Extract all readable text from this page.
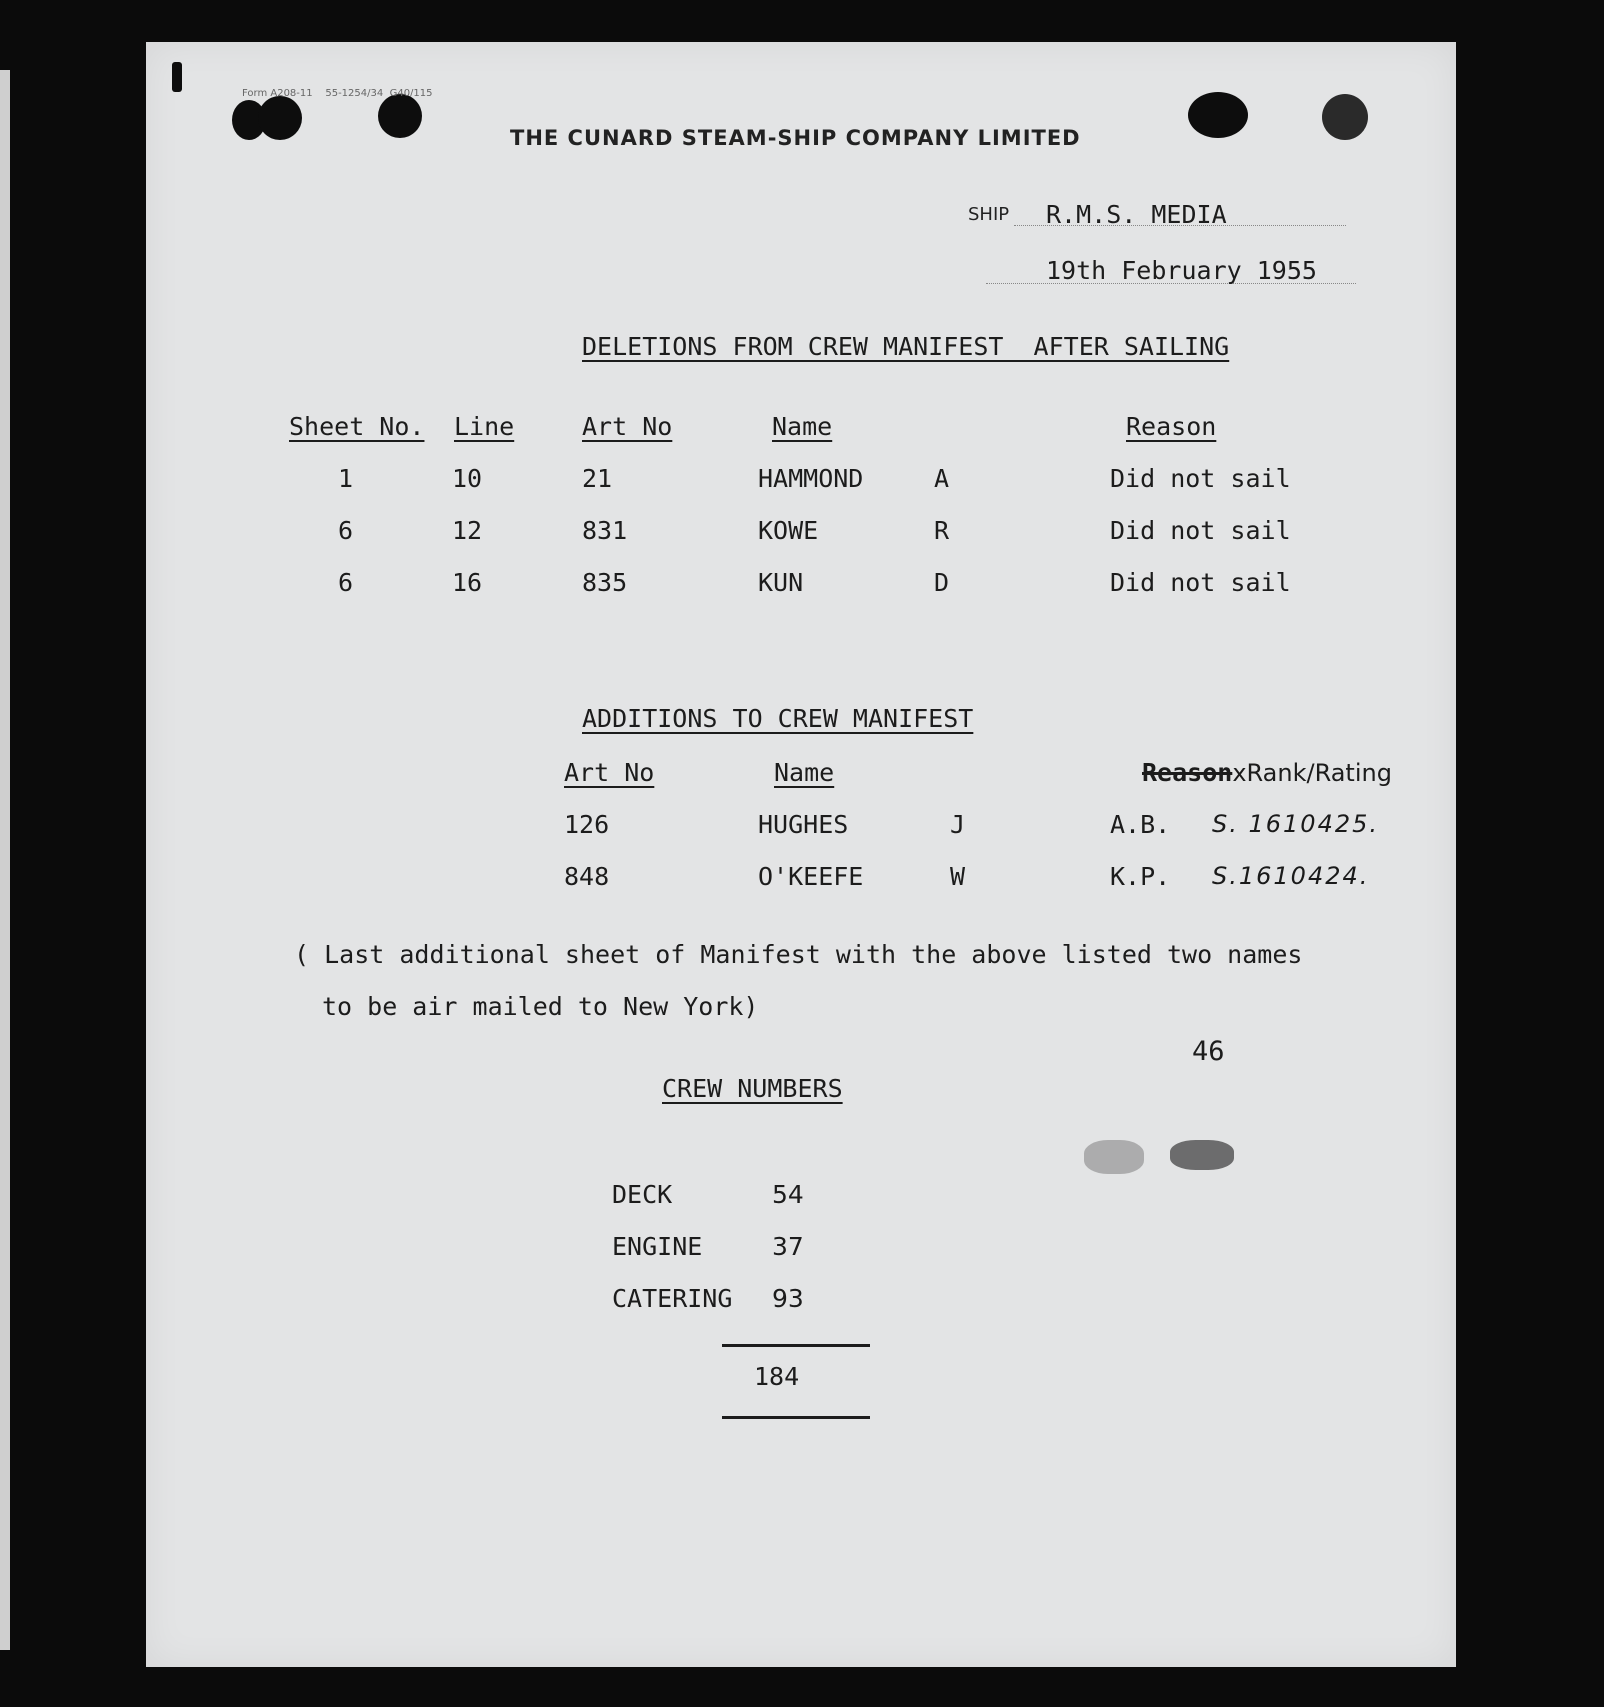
Form A208-11    55-1254/34  G40/115
THE CUNARD STEAM-SHIP COMPANY LIMITED
SHIP R.M.S. MEDIA
19th February 1955
DELETIONS FROM CREW MANIFEST  AFTER SAILING
Sheet No. Line	Art No	Name	Reason
1	10	21	HAMMOND	A	Did not sail
6	12	831	KOWE	R	Did not sail
6	16	835	KUN	D	Did not sail
ADDITIONS TO CREW MANIFEST
Art No	Name	ReasonxRank/Rating
126	HUGHES	J	A.B. S. 1610425.
848	O'KEEFE	W	K.P. S.1610424.
( Last additional sheet of Manifest with the above listed two names
to be air mailed to New York)
46
CREW NUMBERS
DECK	54
ENGINE	37
CATERING 93
184
